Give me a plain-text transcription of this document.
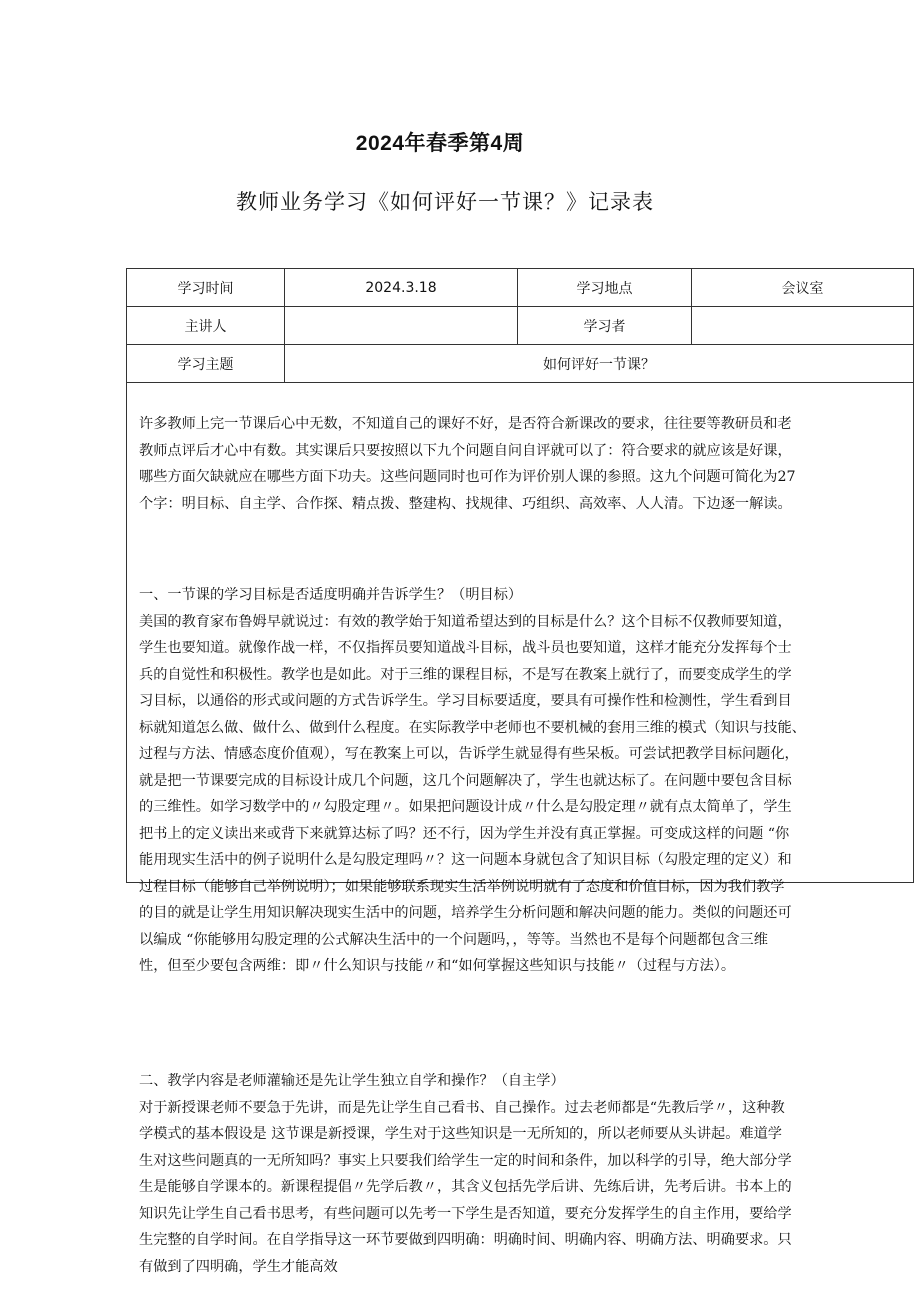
2024年春季第4周
教师业务学习《如何评好一节课？》记录表
学习时间	2024.3.18	学习地点	会议室
主讲人		学习者	
学习主题	如何评好一节课？		
许多教师上完一节课后心中无数，不知道自己的课好不好，是否符合新课改的要求，往往要等教研员和老
教师点评后才心中有数。其实课后只要按照以下九个问题自问自评就可以了：符合要求的就应该是好课，
哪些方面欠缺就应在哪些方面下功夫。这些问题同时也可作为评价别人课的参照。这九个问题可简化为27
个字：明目标、自主学、合作探、精点拨、整建构、找规律、巧组织、高效率、人人清。下边逐一解读。
一、一节课的学习目标是否适度明确并告诉学生？（明目标）
美国的教育家布鲁姆早就说过：有效的教学始于知道希望达到的目标是什么？这个目标不仅教师要知道，
学生也要知道。就像作战一样，不仅指挥员要知道战斗目标，战斗员也要知道，这样才能充分发挥每个士
兵的自觉性和积极性。教学也是如此。对于三维的课程目标，不是写在教案上就行了，而要变成学生的学
习目标，以通俗的形式或问题的方式告诉学生。学习目标要适度，要具有可操作性和检测性，学生看到目
标就知道怎么做、做什么、做到什么程度。在实际教学中老师也不要机械的套用三维的模式（知识与技能、
过程与方法、情感态度价值观），写在教案上可以，告诉学生就显得有些呆板。可尝试把教学目标问题化，
就是把一节课要完成的目标设计成几个问题，这几个问题解决了，学生也就达标了。在问题中要包含目标
的三维性。如学习数学中的〃勾股定理〃。如果把问题设计成〃什么是勾股定理〃就有点太简单了，学生
把书上的定义读出来或背下来就算达标了吗？还不行，因为学生并没有真正掌握。可变成这样的问题 “你
能用现实生活中的例子说明什么是勾股定理吗〃？这一问题本身就包含了知识目标（勾股定理的定义）和
过程目标（能够自己举例说明）；如果能够联系现实生活举例说明就有了态度和价值目标，因为我们教学
的目的就是让学生用知识解决现实生活中的问题，培养学生分析问题和解决问题的能力。类似的问题还可
以编成 “你能够用勾股定理的公式解决生活中的一个问题吗，，等等。当然也不是每个问题都包含三维
性，但至少要包含两维：即〃什么知识与技能〃和“如何掌握这些知识与技能〃（过程与方法）。
二、教学内容是老师灌输还是先让学生独立自学和操作？（自主学）
对于新授课老师不要急于先讲，而是先让学生自己看书、自己操作。过去老师都是“先教后学〃，这种教
学模式的基本假设是 这节课是新授课，学生对于这些知识是一无所知的，所以老师要从头讲起。难道学
生对这些问题真的一无所知吗？事实上只要我们给学生一定的时间和条件，加以科学的引导，绝大部分学
生是能够自学课本的。新课程提倡〃先学后教〃，其含义包括先学后讲、先练后讲，先考后讲。书本上的
知识先让学生自己看书思考，有些问题可以先考一下学生是否知道，要充分发挥学生的自主作用，要给学
生完整的自学时间。在自学指导这一环节要做到四明确：明确时间、明确内容、明确方法、明确要求。只
有做到了四明确，学生才能高效
